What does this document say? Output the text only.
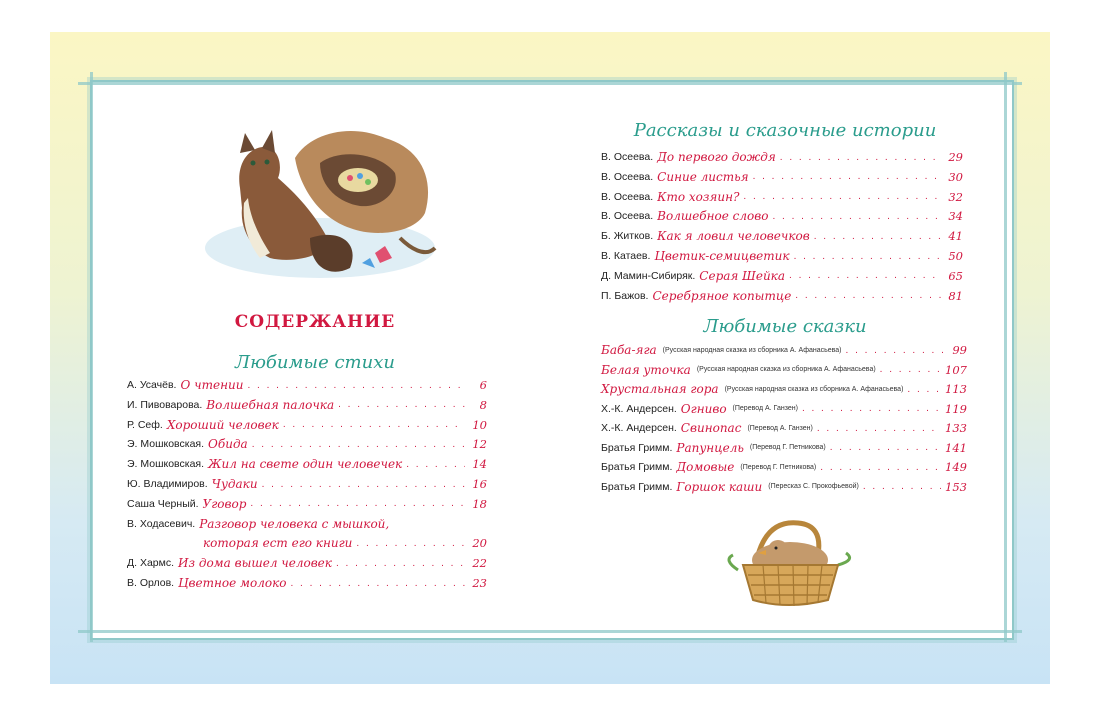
СОДЕРЖАНИЕ
Любимые стихи
А. Усачёв. О чтении . . .	6
И. Пивоварова. Волшебная палочка . . .	8
Р. Сеф. Хороший человек . . .	10
Э. Мошковская. Обида . . .	12
Э. Мошковская. Жил на свете один человечек . . .	14
Ю. Владимиров. Чудаки . . .	16
Саша Черный. Уговор . . .	18
В. Ходасевич. Разговор человека с мышкой,
которая ест его книги . . .	20
Д. Хармс. Из дома вышел человек . . .	22
В. Орлов. Цветное молоко . . .	23
Рассказы и сказочные истории
В. Осеева. До первого дождя . . .	29
В. Осеева. Синие листья . . .	30
В. Осеева. Кто хозяин? . . .	32
В. Осеева. Волшебное слово . . .	34
Б. Житков. Как я ловил человечков . . .	41
В. Катаев. Цветик-семицветик . . .	50
Д. Мамин-Сибиряк. Серая Шейка . . .	65
П. Бажов. Серебряное копытце . . .	81
Любимые сказки
Баба-яга (Русская народная сказка из сборника А. Афанасьева) . . .	99
Белая уточка (Русская народная сказка из сборника А. Афанасьева) . . .	107
Хрустальная гора (Русская народная сказка из сборника А. Афанасьева) . . .	113
Х.-К. Андерсен. Огниво (Перевод А. Ганзен) . . .	119
Х.-К. Андерсен. Свинопас (Перевод А. Ганзен) . . .	133
Братья Гримм. Рапунцель (Перевод Г. Петникова) . . .	141
Братья Гримм. Домовые (Перевод Г. Петникова) . . .	149
Братья Гримм. Горшок каши (Пересказ С. Прокофьевой) . . .	153
